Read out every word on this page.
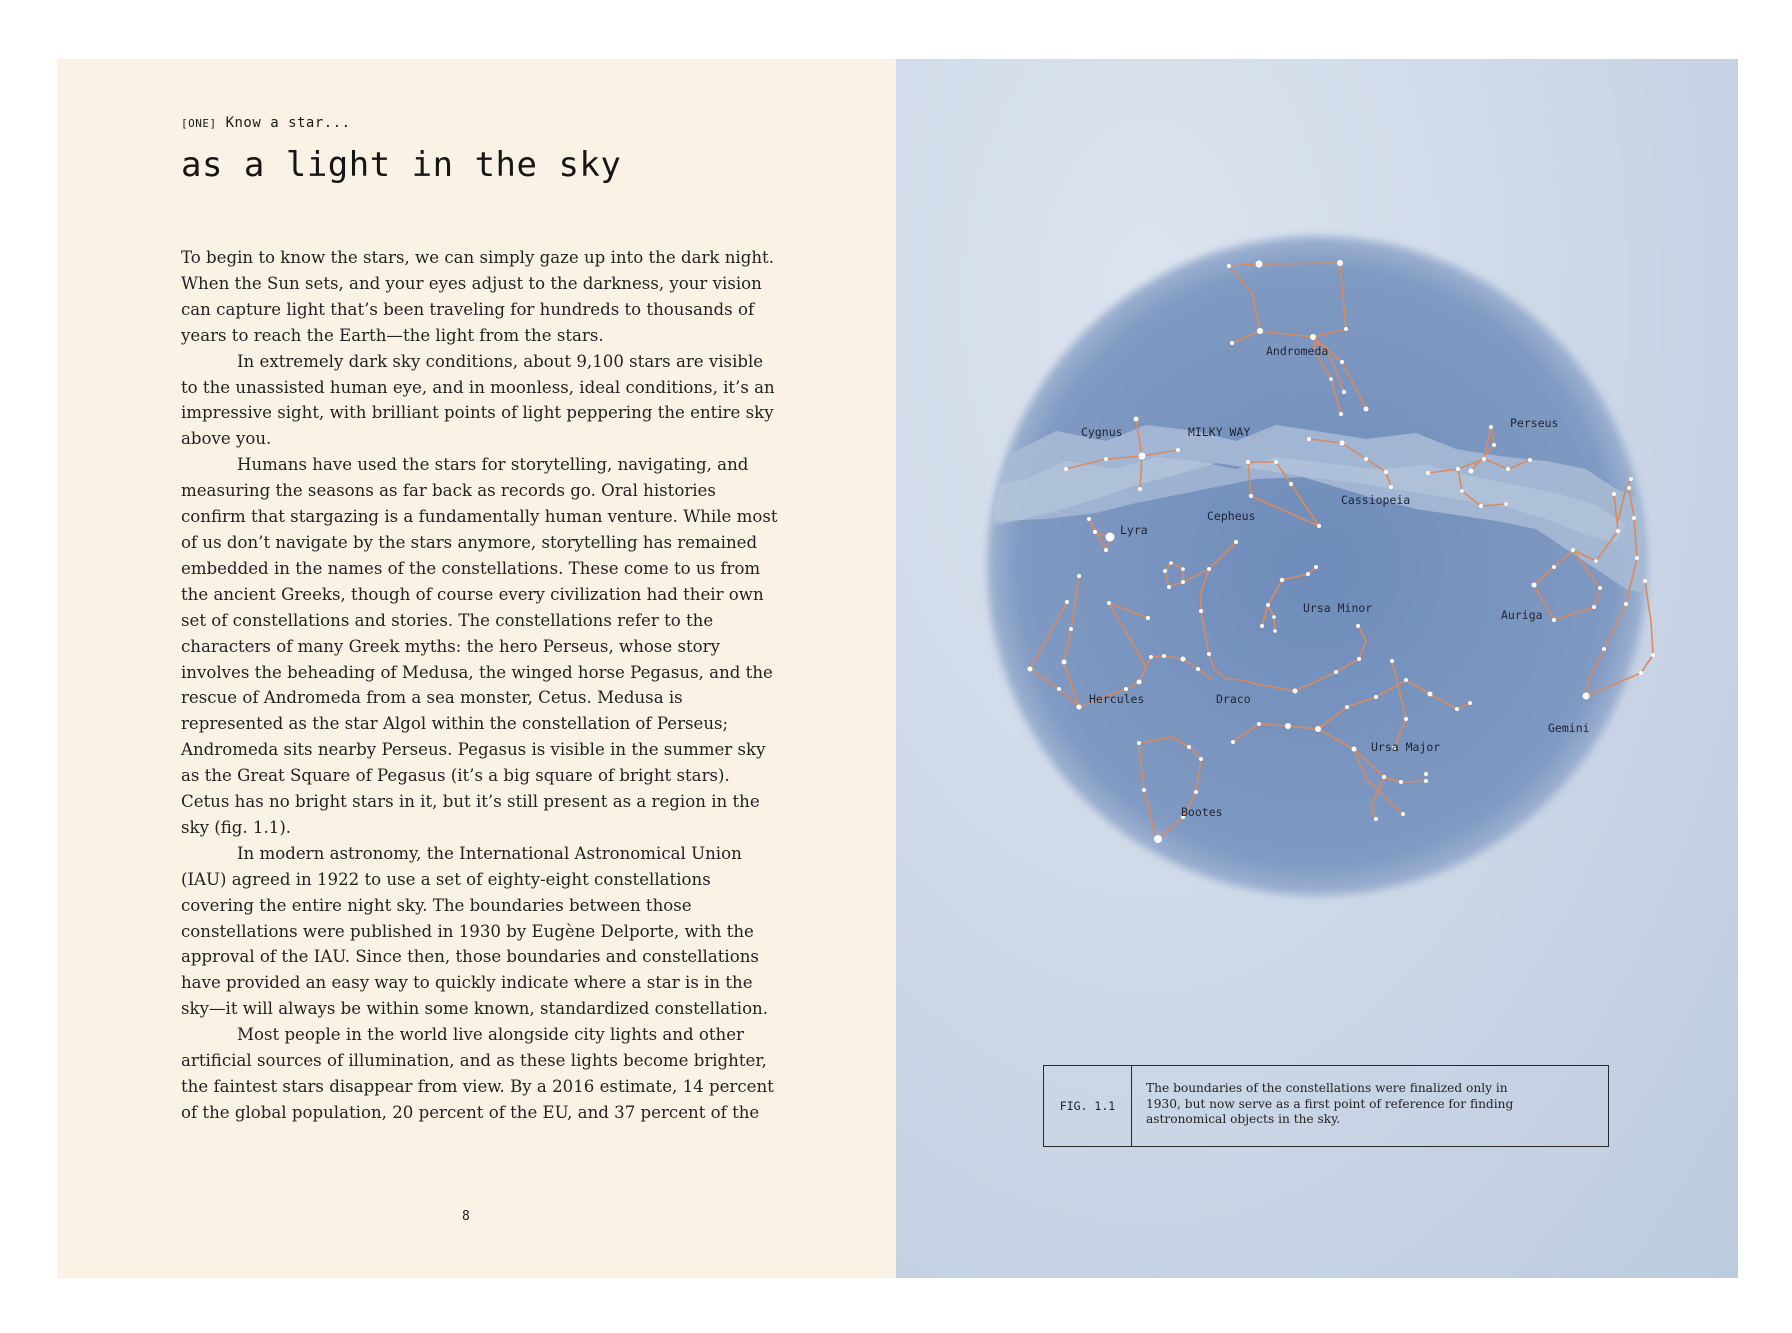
[ONE] Know a star...
as a light in the sky

To begin to know the stars, we can simply gaze up into the dark night. When the Sun sets, and your eyes adjust to the darkness, your vision can capture light that’s been traveling for hundreds to thousands of years to reach the Earth—the light from the stars.

In extremely dark sky conditions, about 9,100 stars are visible to the unassisted human eye, and in moonless, ideal conditions, it’s an impressive sight, with brilliant points of light peppering the entire sky above you.

Humans have used the stars for storytelling, navigating, and measuring the seasons as far back as records go. Oral histories confirm that stargazing is a fundamentally human venture. While most of us don’t navigate by the stars anymore, storytelling has remained embedded in the names of the constellations. These come to us from the ancient Greeks, though of course every civilization had their own set of constellations and stories. The constellations refer to the characters of many Greek myths: the hero Perseus, whose story involves the beheading of Medusa, the winged horse Pegasus, and the rescue of Andromeda from a sea monster, Cetus. Medusa is represented as the star Algol within the constellation of Perseus; Andromeda sits nearby Perseus. Pegasus is visible in the summer sky as the Great Square of Pegasus (it’s a big square of bright stars). Cetus has no bright stars in it, but it’s still present as a region in the sky (fig. 1.1).

In modern astronomy, the International Astronomical Union (IAU) agreed in 1922 to use a set of eighty-eight constellations covering the entire night sky. The boundaries between those constellations were published in 1930 by Eugène Delporte, with the approval of the IAU. Since then, those boundaries and constellations have provided an easy way to quickly indicate where a star is in the sky—it will always be within some known, standardized constellation.

Most people in the world live alongside city lights and other artificial sources of illumination, and as these lights become brighter, the faintest stars disappear from view. By a 2016 estimate, 14 percent of the global population, 20 percent of the EU, and 37 percent of the

8
Andromeda
Cygnus	MILKY WAY
Perseus
Cassiopeia
Cepheus
Lyra
Ursa Minor	Auriga
Hercules	Draco
Gemini
Ursa Major
Bootes
FIG. 1.1
The boundaries of the constellations were finalized only in 1930, but now serve as a first point of reference for finding astronomical objects in the sky.
